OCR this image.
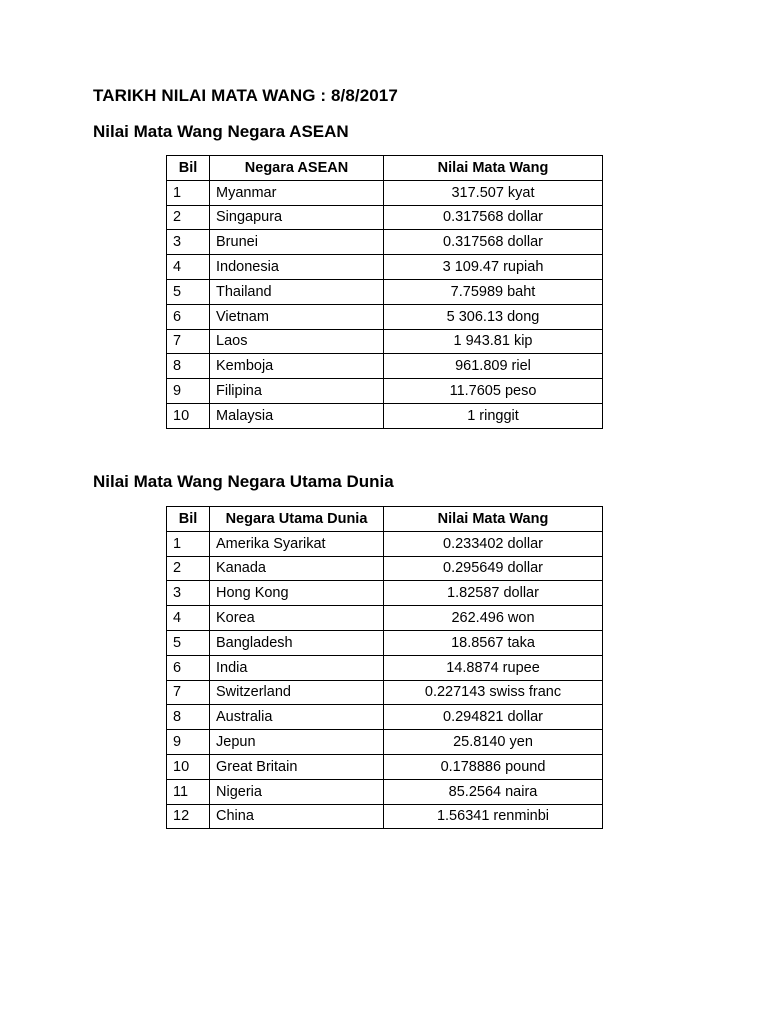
TARIKH NILAI MATA WANG : 8/8/2017
Nilai Mata Wang Negara ASEAN
Bil	Negara ASEAN	Nilai Mata Wang
1	Myanmar	317.507 kyat
2	Singapura	0.317568 dollar
3	Brunei	0.317568 dollar
4	Indonesia	3 109.47 rupiah
5	Thailand	7.75989 baht
6	Vietnam	5 306.13 dong
7	Laos	1 943.81 kip
8	Kemboja	961.809 riel
9	Filipina	11.7605 peso
10	Malaysia	1 ringgit
Nilai Mata Wang Negara Utama Dunia
Bil	Negara Utama Dunia	Nilai Mata Wang
1	Amerika Syarikat	0.233402 dollar
2	Kanada	0.295649 dollar
3	Hong Kong	1.82587 dollar
4	Korea	262.496 won
5	Bangladesh	18.8567 taka
6	India	14.8874 rupee
7	Switzerland	0.227143 swiss franc
8	Australia	0.294821 dollar
9	Jepun	25.8140 yen
10	Great Britain	0.178886 pound
11	Nigeria	85.2564 naira
12	China	1.56341 renminbi
